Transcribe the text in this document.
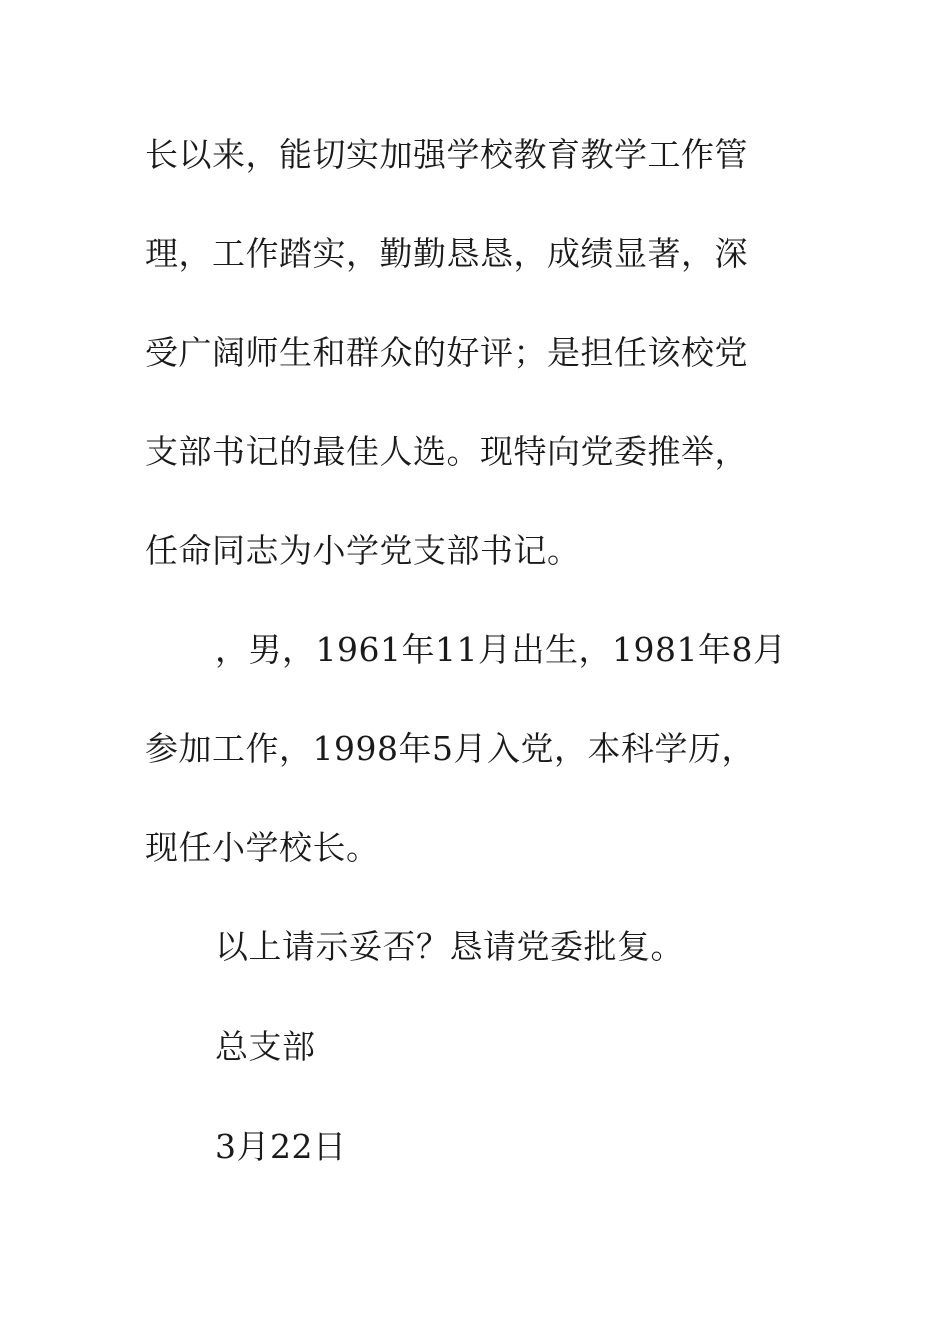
长以来，能切实加强学校教育教学工作管
理，工作踏实，勤勤恳恳，成绩显著，深
受广阔师生和群众的好评；是担任该校党
支部书记的最佳人选。现特向党委推举，
任命同志为小学党支部书记。
，男，1961年11月出生，1981年8月
参加工作，1998年5月入党，本科学历，
现任小学校长。
以上请示妥否？恳请党委批复。
总支部
3月22日
